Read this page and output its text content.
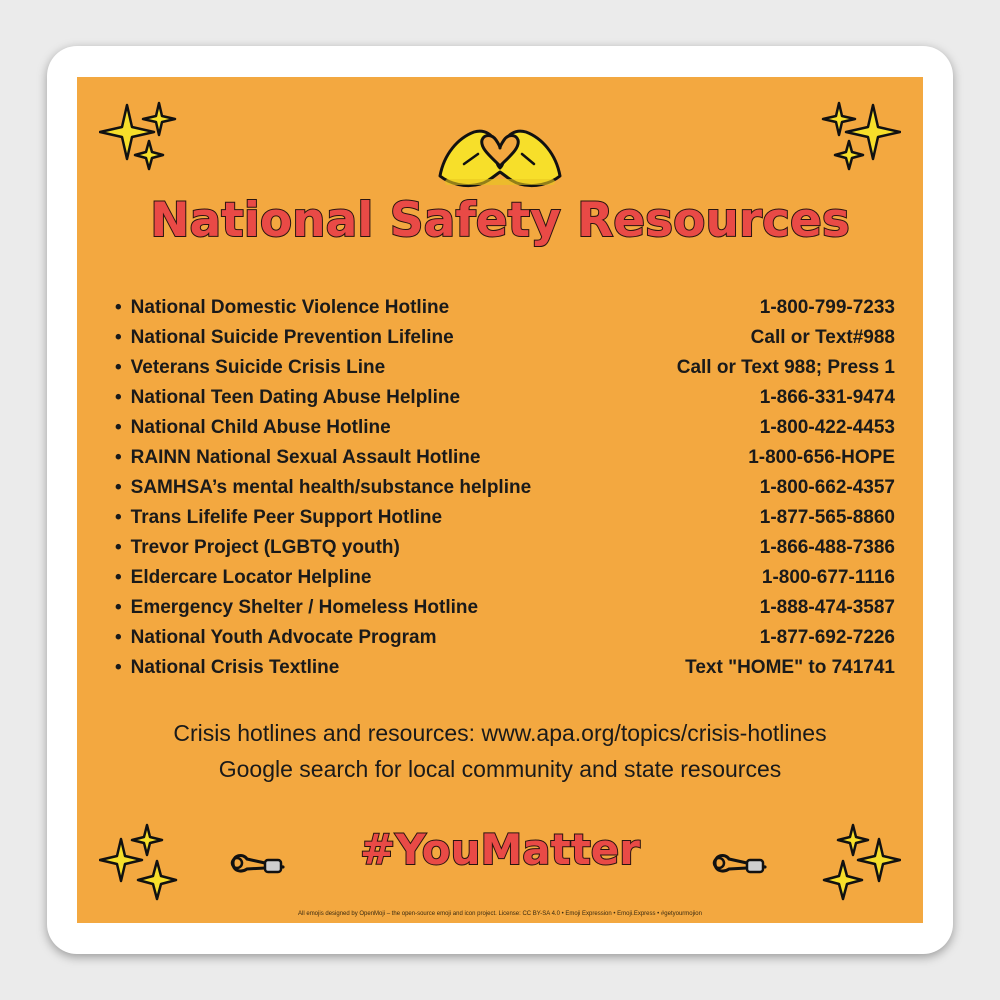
National Safety Resources
• National Domestic Violence Hotline	1-800-799-7233
• National Suicide Prevention Lifeline	Call or Text#988
• Veterans Suicide Crisis Line	Call or Text 988; Press 1
• National Teen Dating Abuse Helpline	1-866-331-9474
• National Child Abuse Hotline	1-800-422-4453
• RAINN National Sexual Assault Hotline	1-800-656-HOPE
• SAMHSA’s mental health/substance helpline	1-800-662-4357
• Trans Lifelife Peer Support Hotline	1-877-565-8860
• Trevor Project (LGBTQ youth)	1-866-488-7386
• Eldercare Locator Helpline	1-800-677-1116
• Emergency Shelter / Homeless Hotline	1-888-474-3587
• National Youth Advocate Program	1-877-692-7226
• National Crisis Textline	Text "HOME" to 741741
Crisis hotlines and resources: www.apa.org/topics/crisis-hotlines
Google search for local community and state resources
#YouMatter
All emojis designed by OpenMoji – the open-source emoji and icon project. License: CC BY-SA 4.0 • Emoji Expression • Emoji.Express • #getyourmojion
